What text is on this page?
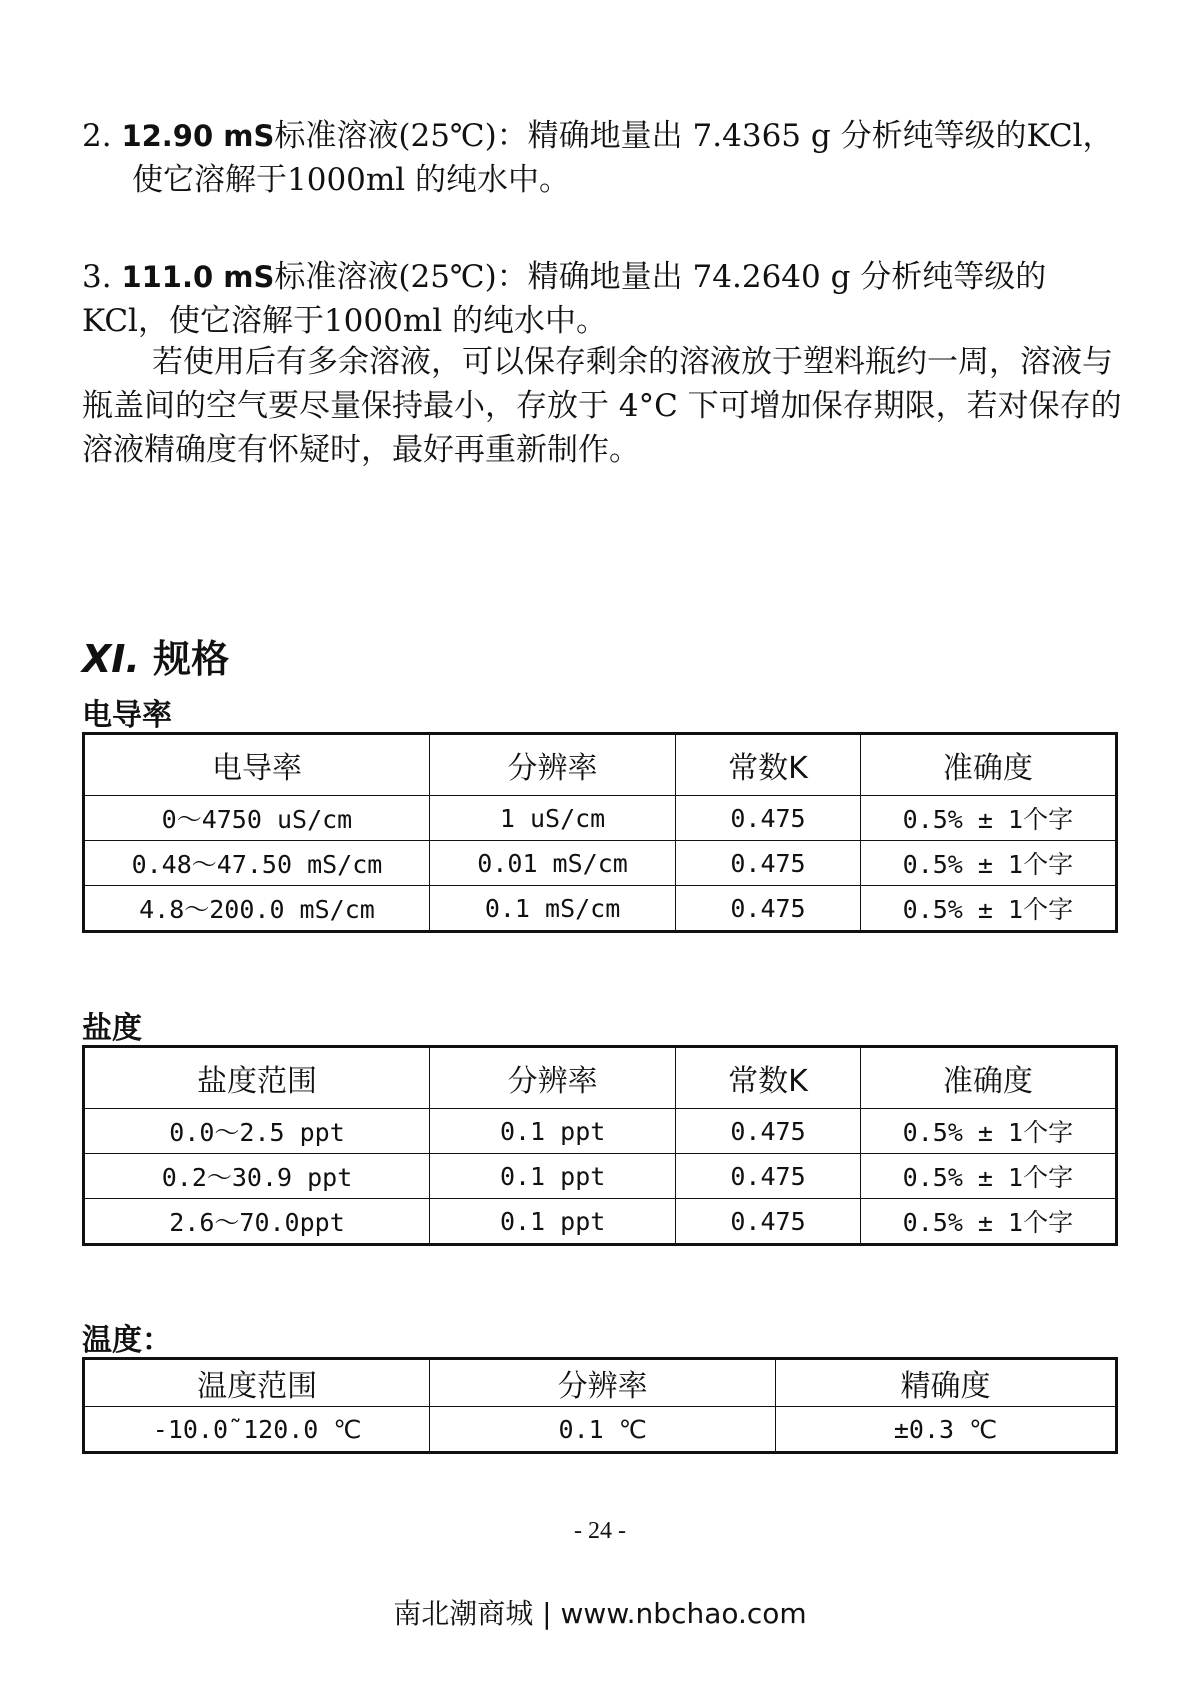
2. 12.90 mS标准溶液(25℃)：精确地量出 7.4365 g 分析纯等级的KCl，
使它溶解于1000ml 的纯水中。

3. 111.0 mS标准溶液(25℃)：精确地量出 74.2640 g 分析纯等级的KCl，使它溶解于1000ml 的纯水中。

若使用后有多余溶液，可以保存剩余的溶液放于塑料瓶约一周，溶液与瓶盖间的空气要尽量保持最小，存放于 4°C 下可增加保存期限，若对保存的溶液精确度有怀疑时，最好再重新制作。

XI. 规格
电导率
电导率	分辨率	常数K	准确度
0～4750 uS/cm	1 uS/cm	0.475	0.5% ± 1个字
0.48～47.50 mS/cm	0.01 mS/cm	0.475	0.5% ± 1个字
4.8～200.0 mS/cm	0.1 mS/cm	0.475	0.5% ± 1个字
盐度
盐度范围	分辨率	常数K	准确度
0.0～2.5 ppt	0.1 ppt	0.475	0.5% ± 1个字
0.2～30.9 ppt	0.1 ppt	0.475	0.5% ± 1个字
2.6～70.0ppt	0.1 ppt	0.475	0.5% ± 1个字
温度：
温度范围	分辨率	精确度
-10.0˜120.0 ℃	0.1 ℃	±0.3 ℃
- 24 -
南北潮商城 | www.nbchao.com
